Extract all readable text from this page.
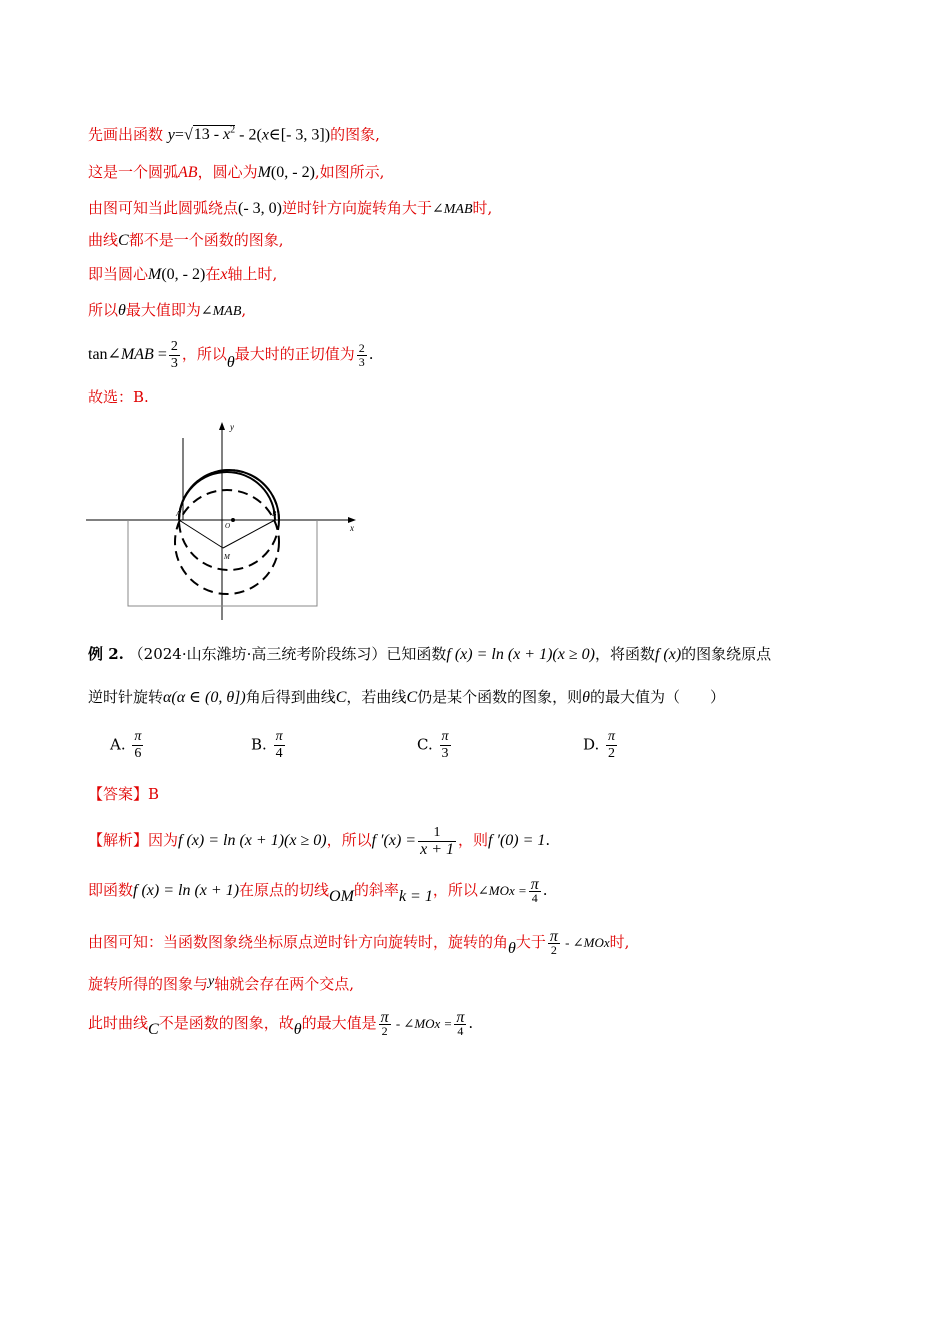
先画出函数 $y=√13 - x^2$ - 2(x∈[- 3, 3])的图象,
这是一个圆弧AB，圆心为M(0, - 2),如图所示,
由图可知当此圆弧绕点(- 3, 0)逆时针方向旋转角大于∠MAB时,
曲线C都不是一个函数的图象,
即当圆心M(0, - 2)在x轴上时,
所以θ最大值即为∠MAB,
tan∠MAB = $\frac{2}{3}$ ，所以θ最大时的正切值为 $\frac{2}{3}$ .
故选：B.
y
x
A	B
O
M
例 2. （2024·山东潍坊·高三统考阶段练习）已知函数f (x) = ln (x + 1)(x ≥ 0)，将函数f (x)的图象绕原点
逆时针旋转α(α ∈ (0, θ])角后得到曲线C，若曲线C仍是某个函数的图象，则θ的最大值为（　　）
A. $\frac{\pi}{6}$	B. $\frac{\pi}{4}$	C. $\frac{\pi}{3}$	D. $\frac{\pi}{2}$
【答案】B
【解析】因为f (x) = ln (x + 1)(x ≥ 0)，所以f $'(x) = \frac{1}{x + 1}$ ，则f ′(0) = 1.
即函数f (x) = ln (x + 1)在原点的切线OM的斜率k = 1，所以∠MOx = $\frac{\pi}{4}$ .
由图可知：当函数图象绕坐标原点逆时针方向旋转时，旋转的角θ大于 $\frac{\pi}{2}$ - ∠MOx时,
旋转所得的图象与y轴就会存在两个交点,
此时曲线C不是函数的图象，故θ的最大值是 $\frac{\pi}{2}$ - ∠MOx = $\frac{\pi}{4}$ .
